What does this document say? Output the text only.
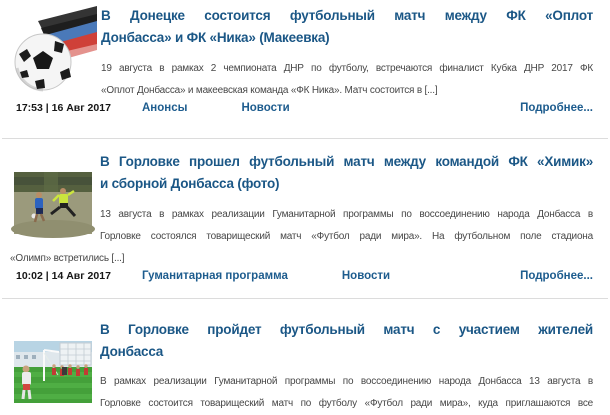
В Донецке состоится футбольный матч между ФК «Оплот
Донбасса» и ФК «Ника» (Макеевка)

19 августа в рамках 2 чемпионата ДНР по футболу, встречаются финалист Кубка ДНР 2017 ФК
«Оплот Донбасса» и макеевская команда «ФК Ника». Матч состоится в [...]

17:53 | 16 Авг 2017	Анонсы	Новости	Подробнее...
В Горловке прошел футбольный матч между командой ФК «Химик»
и сборной Донбасса (фото)

13 августа в рамках реализации Гуманитарной программы по воссоединению народа Донбасса в
Горловке состоялся товарищеский матч «Футбол ради мира». На футбольном поле стадиона
«Олимп» встретились [...]

10:02 | 14 Авг 2017	Гуманитарная программа	Новости	Подробнее...
В Горловке пройдет футбольный матч с участием жителей
Донбасса

В рамках реализации Гуманитарной программы по воссоединению народа Донбасса 13 августа в
Горловке состоится товарищеский матч по футболу «Футбол ради мира», куда приглашаются все
